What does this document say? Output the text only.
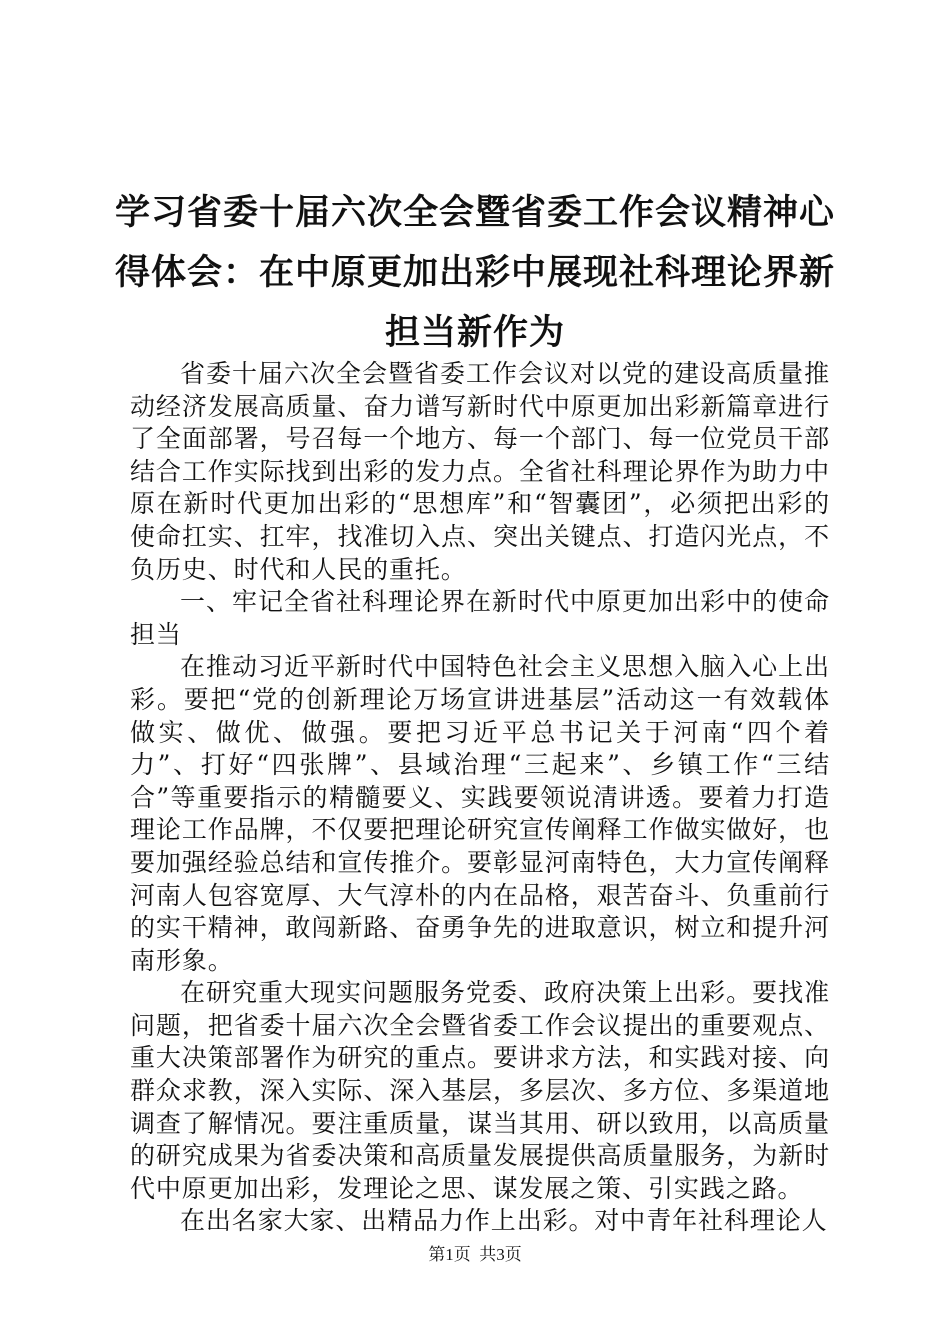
学习省委十届六次全会暨省委工作会议精神心得体会：在中原更加出彩中展现社科理论界新担当新作为

省委十届六次全会暨省委工作会议对以党的建设高质量推动经济发展高质量、奋力谱写新时代中原更加出彩新篇章进行了全面部署，号召每一个地方、每一个部门、每一位党员干部结合工作实际找到出彩的发力点。全省社科理论界作为助力中原在新时代更加出彩的“思想库”和“智囊团”，必须把出彩的使命扛实、扛牢，找准切入点、突出关键点、打造闪光点，不负历史、时代和人民的重托。

一、牢记全省社科理论界在新时代中原更加出彩中的使命担当

在推动习近平新时代中国特色社会主义思想入脑入心上出彩。要把“党的创新理论万场宣讲进基层”活动这一有效载体做实、做优、做强。要把习近平总书记关于河南“四个着力”、打好“四张牌”、县域治理“三起来”、乡镇工作“三结合”等重要指示的精髓要义、实践要领说清讲透。要着力打造理论工作品牌，不仅要把理论研究宣传阐释工作做实做好，也要加强经验总结和宣传推介。要彰显河南特色，大力宣传阐释河南人包容宽厚、大气淳朴的内在品格，艰苦奋斗、负重前行的实干精神，敢闯新路、奋勇争先的进取意识，树立和提升河南形象。

在研究重大现实问题服务党委、政府决策上出彩。要找准问题，把省委十届六次全会暨省委工作会议提出的重要观点、重大决策部署作为研究的重点。要讲求方法，和实践对接、向群众求教，深入实际、深入基层，多层次、多方位、多渠道地调查了解情况。要注重质量，谋当其用、研以致用，以高质量的研究成果为省委决策和高质量发展提供高质量服务，为新时代中原更加出彩，发理论之思、谋发展之策、引实践之路。

在出名家大家、出精品力作上出彩。对中青年社科理论人

第1页 共3页
